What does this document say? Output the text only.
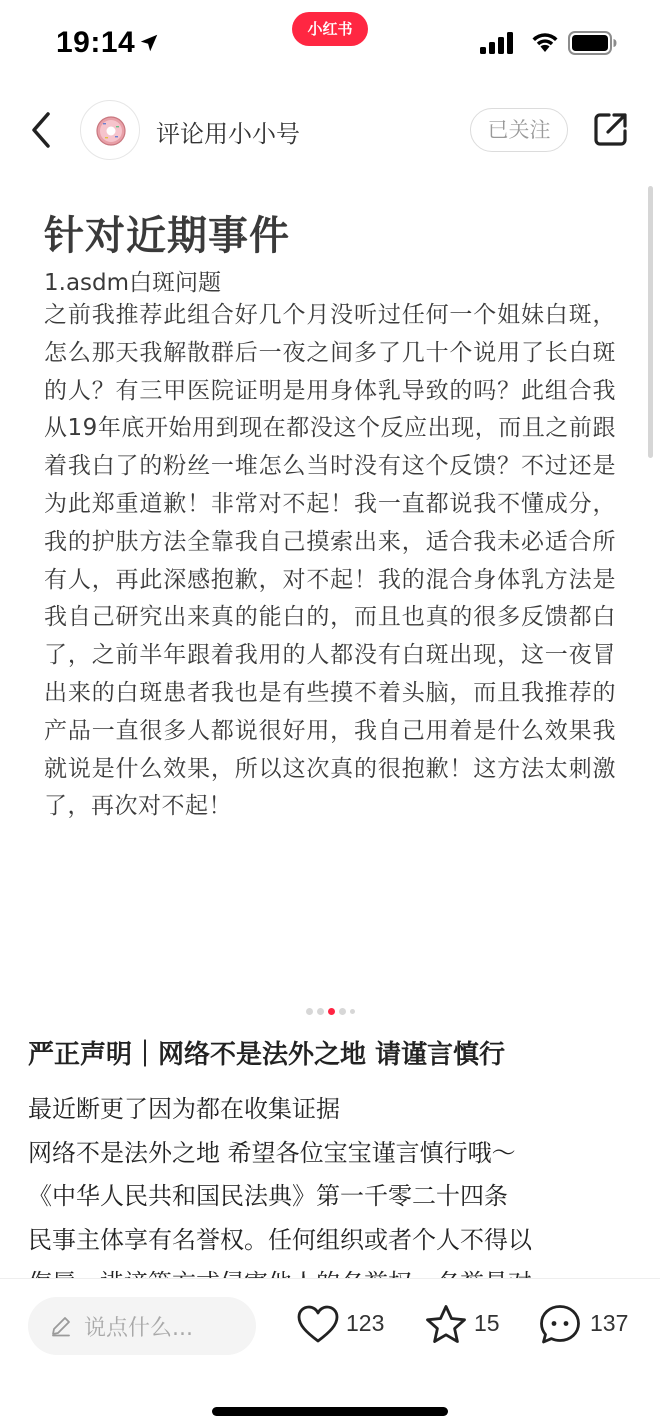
19:14	小红书
评论用小小号	已关注
针对近期事件
1.asdm白斑问题
之前我推荐此组合好几个月没听过任何一个姐妹白斑，怎么那天我解散群后一夜之间多了几十个说用了长白斑的人？有三甲医院证明是用身体乳导致的吗？此组合我从19年底开始用到现在都没这个反应出现，而且之前跟着我白了的粉丝一堆怎么当时没有这个反馈？不过还是为此郑重道歉！非常对不起！我一直都说我不懂成分，我的护肤方法全靠我自己摸索出来，适合我未必适合所有人，再此深感抱歉，对不起！我的混合身体乳方法是我自己研究出来真的能白的，而且也真的很多反馈都白了，之前半年跟着我用的人都没有白斑出现，这一夜冒出来的白斑患者我也是有些摸不着头脑，而且我推荐的产品一直很多人都说很好用，我自己用着是什么效果我就说是什么效果，所以这次真的很抱歉！这方法太刺激了，再次对不起！
严正声明｜网络不是法外之地 请谨言慎行
最近断更了因为都在收集证据
网络不是法外之地 希望各位宝宝谨言慎行哦～
《中华人民共和国民法典》第一千零二十四条
民事主体享有名誉权。任何组织或者个人不得以
说点什么...	123	15	137
